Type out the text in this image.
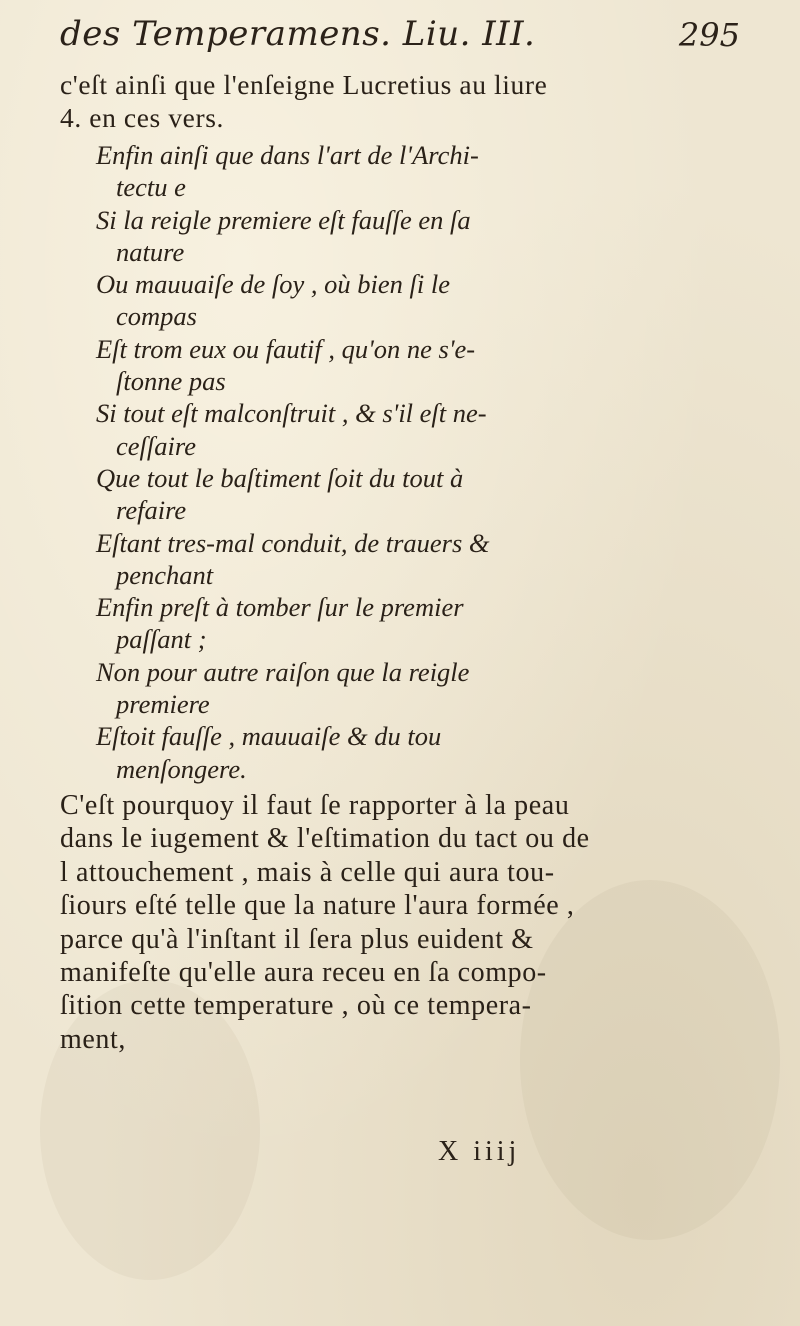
des Temperamens. Liu. III.	295
c'eſt ainſi que l'enſeigne Lucretius au liure
4. en ces vers.
Enfin ainſi que dans l'art de l'Archi-
tectu e
Si la reigle premiere eſt fauſſe en ſa
nature
Ou mauuaiſe de ſoy , où bien ſi le
compas
Eſt trom eux ou fautif , qu'on ne s'e-
ſtonne pas
Si tout eſt malconſtruit , & s'il eſt ne-
ceſſaire
Que tout le baſtiment ſoit du tout à
refaire
Eſtant tres-mal conduit, de trauers &
penchant
Enfin preſt à tomber ſur le premier
paſſant ;
Non pour autre raiſon que la reigle
premiere
Eſtoit fauſſe , mauuaiſe & du tou
menſongere.
C'eſt pourquoy il faut ſe rapporter à la peau
dans le iugement & l'eſtimation du tact ou de
l attouchement , mais à celle qui aura tou-
ſiours eſté telle que la nature l'aura formée ,
parce qu'à l'inſtant il ſera plus euident &
manifeſte qu'elle aura receu en ſa compo-
ſition cette temperature , où ce tempera-
ment,
X iiij
